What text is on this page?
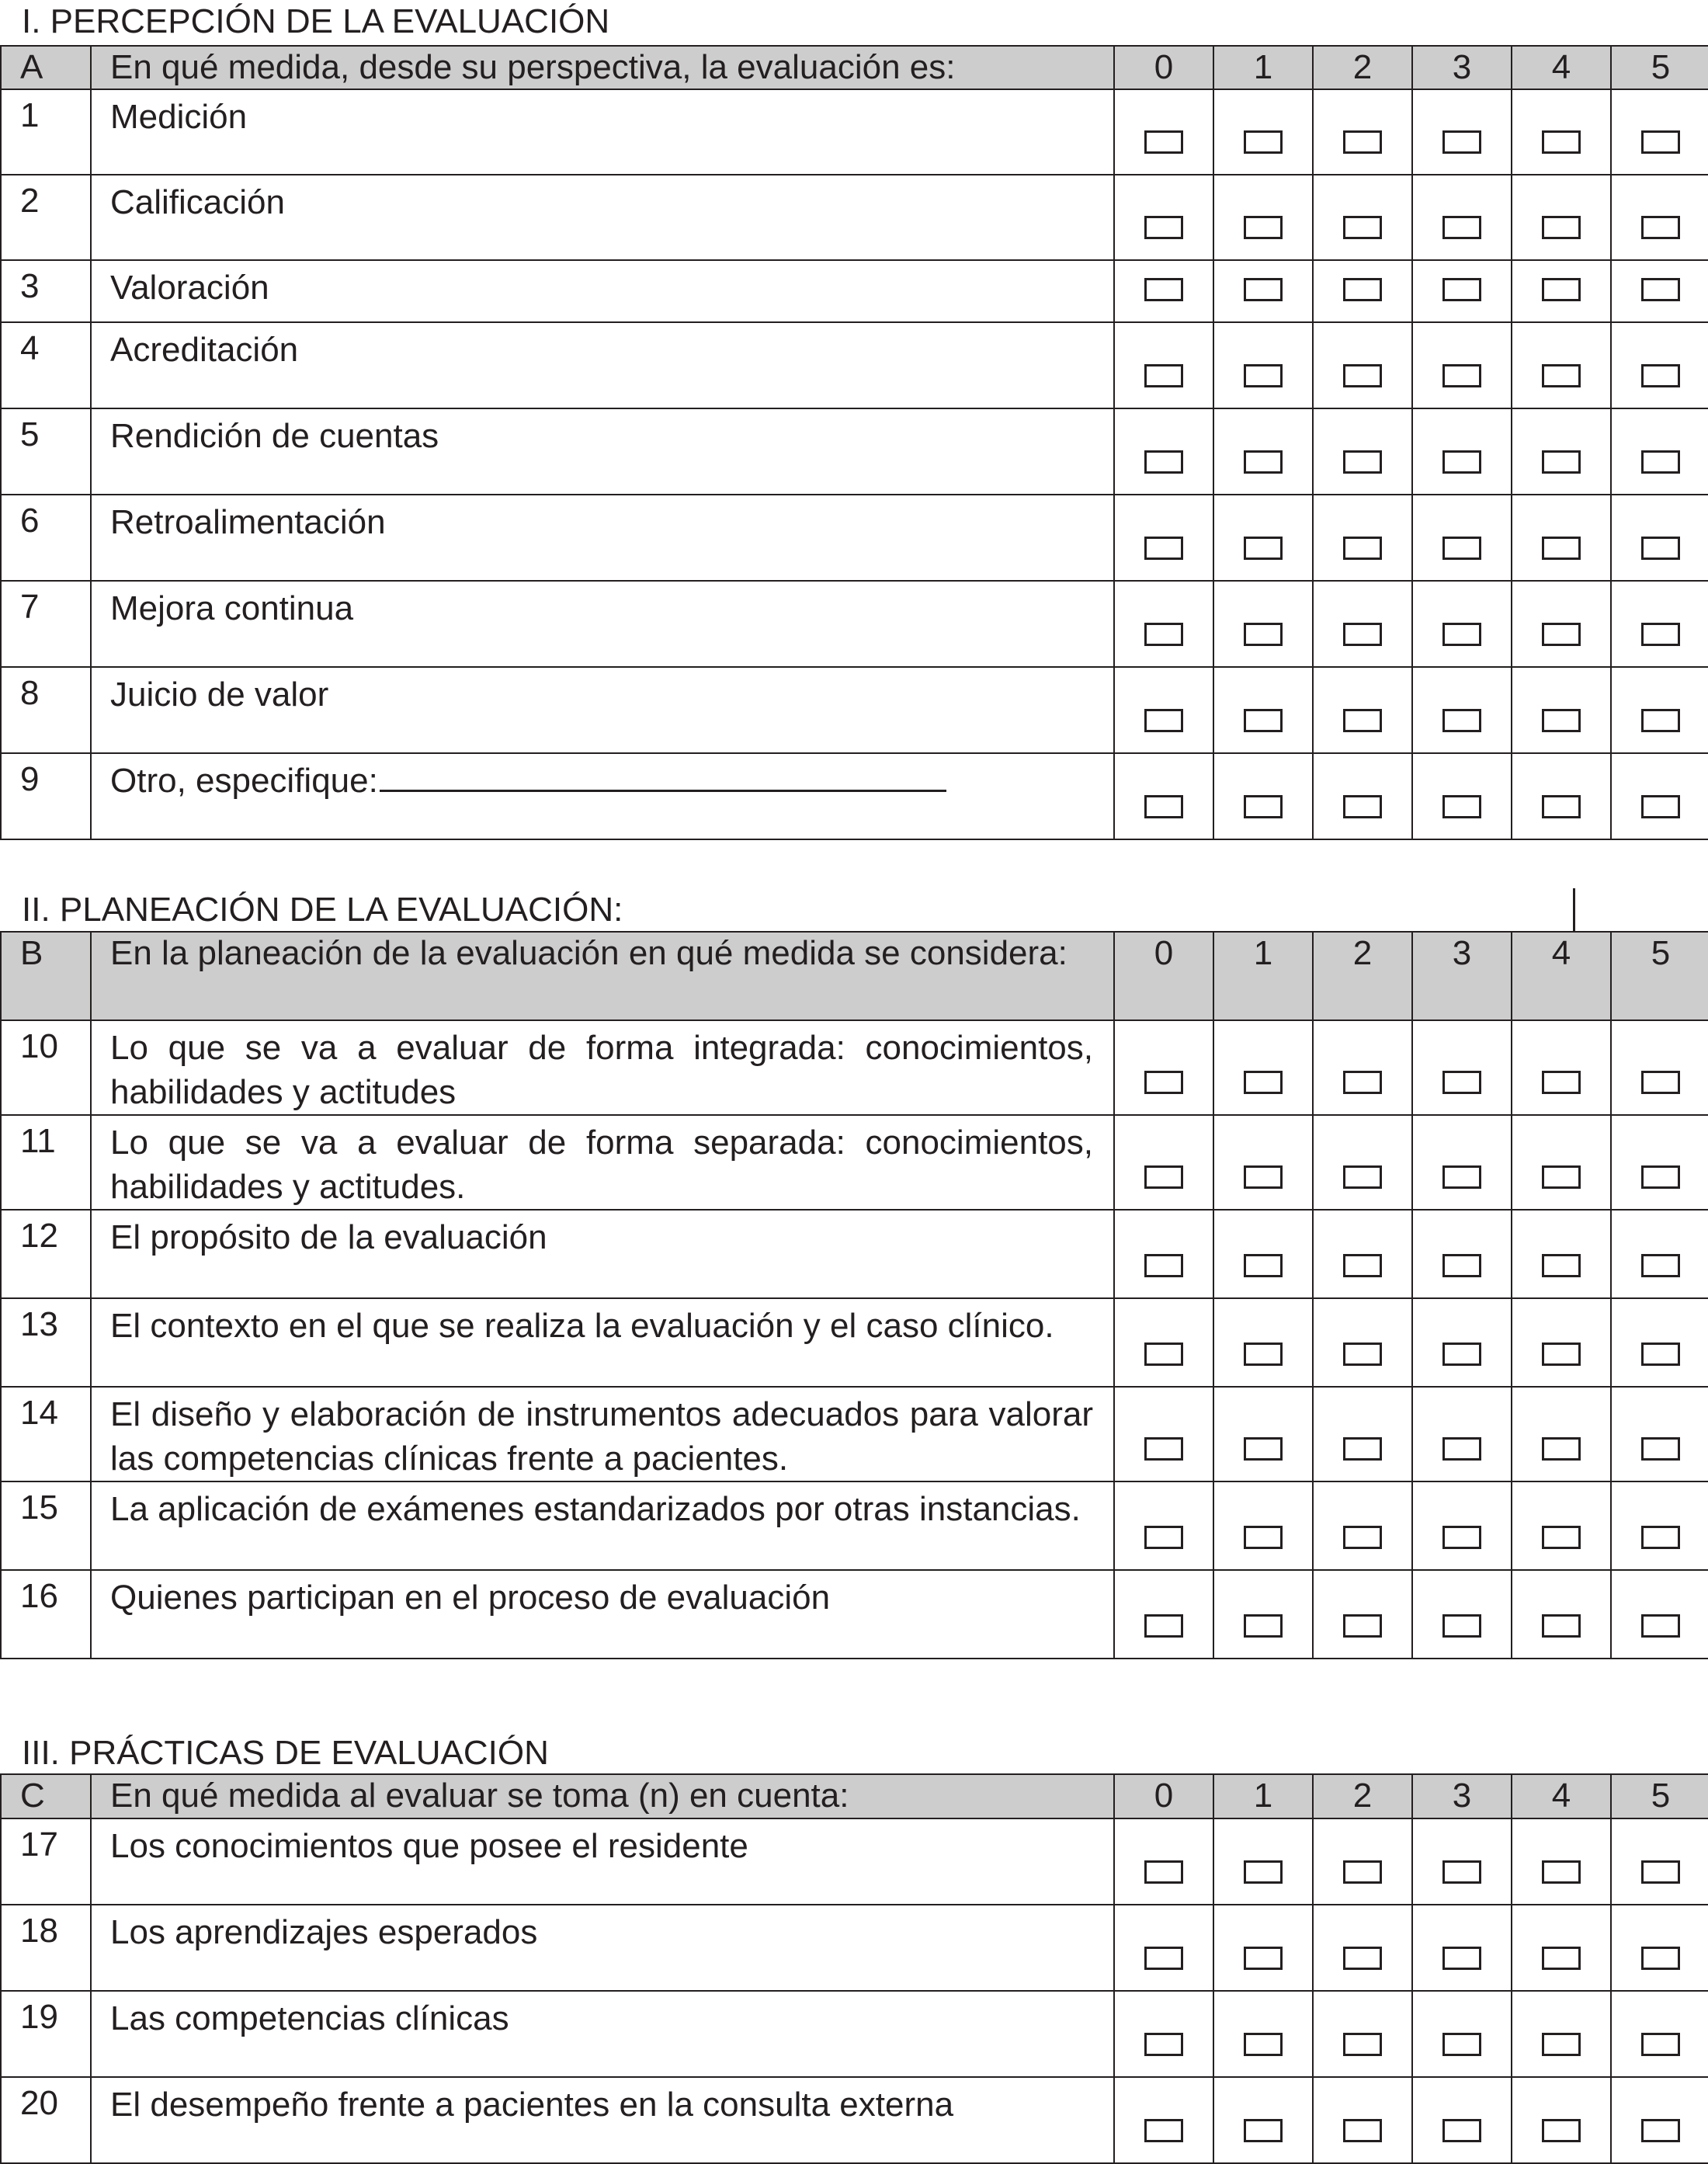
I. PERCEPCIÓN DE LA EVALUACIÓN
A	En qué medida, desde su perspectiva, la evaluación es:	0	1	2	3	4	5
1	Medición	

2	Calificación	

3	Valoración	

4	Acreditación	

5	Rendición de cuentas	

6	Retroalimentación	

7	Mejora continua	

8	Juicio de valor	

9	Otro, especifique:	

II. PLANEACIÓN DE LA EVALUACIÓN:
B	En la planeación de la evaluación en qué medida se considera:	0	1	2	3	4	5
10	Lo que se va a evaluar de forma integrada: conocimientos, habilidades y actitudes	

11	Lo que se va a evaluar de forma separada: conocimientos, habilidades y actitudes.	

12	El propósito de la evaluación	

13	El contexto en el que se realiza la evaluación y el caso clínico.	

14	El diseño y elaboración de instrumentos adecuados para valorar las competencias clínicas frente a pacientes.	

15	La aplicación de exámenes estandarizados por otras instancias.	

16	Quienes participan en el proceso de evaluación	

III. PRÁCTICAS DE EVALUACIÓN
C	En qué medida al evaluar se toma (n) en cuenta:	0	1	2	3	4	5
17	Los conocimientos que posee el residente	

18	Los aprendizajes esperados	

19	Las competencias clínicas	

20	El desempeño frente a pacientes en la consulta externa	
